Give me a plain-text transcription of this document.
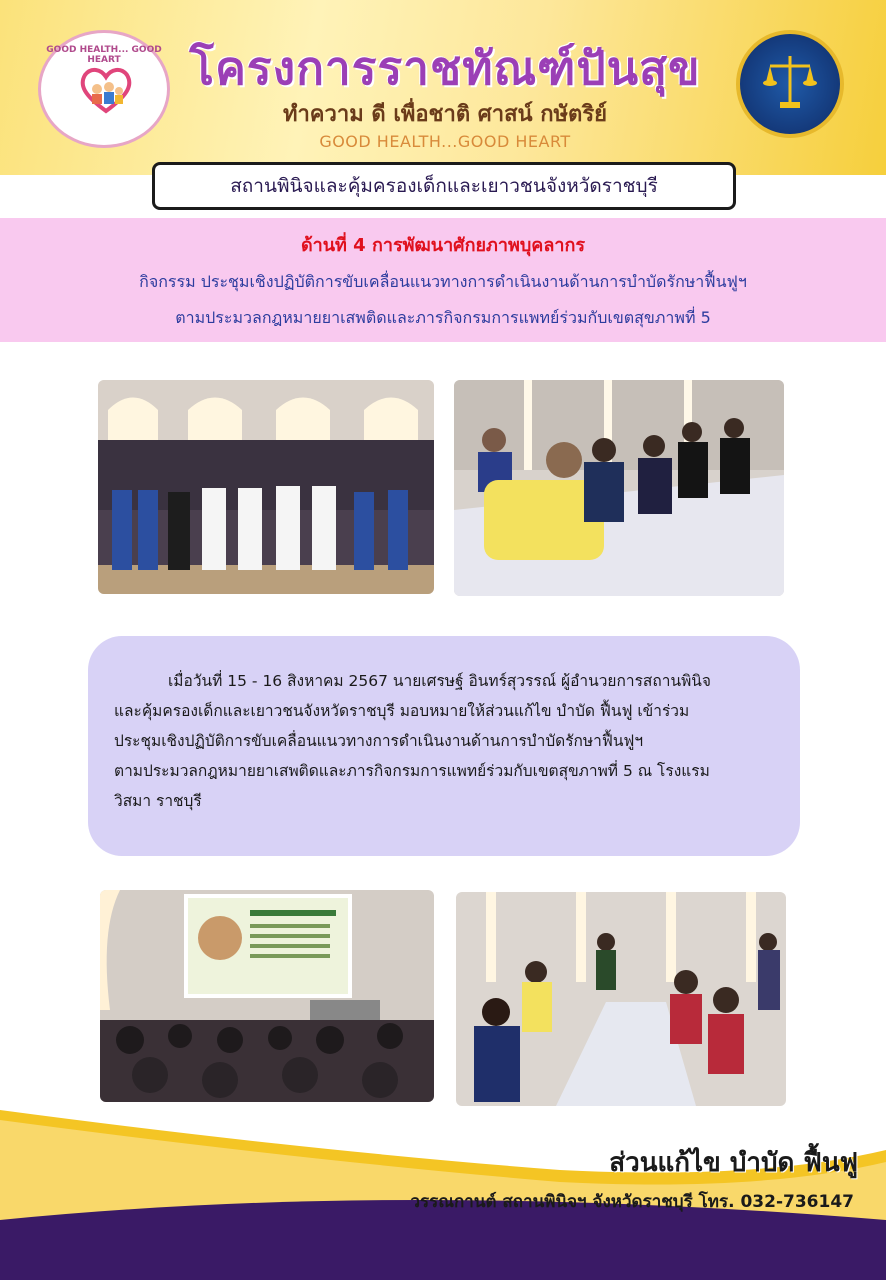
GOOD HEALTH... GOOD HEART	โครงการราชทัณฑ์ปันสุข
ทำความ ดี เพื่อชาติ ศาสน์ กษัตริย์
GOOD HEALTH...GOOD HEART
สถานพินิจและคุ้มครองเด็กและเยาวชนจังหวัดราชบุรี
ด้านที่ 4 การพัฒนาศักยภาพบุคลากร
กิจกรรม ประชุมเชิงปฏิบัติการขับเคลื่อนแนวทางการดำเนินงานด้านการบำบัดรักษาฟื้นฟูฯ
ตามประมวลกฎหมายยาเสพติดและภารกิจกรมการแพทย์ร่วมกับเขตสุขภาพที่ 5
เมื่อวันที่ 15 - 16 สิงหาคม 2567 นายเศรษฐ์ อินทร์สุวรรณ์ ผู้อำนวยการสถานพินิจ
และคุ้มครองเด็กและเยาวชนจังหวัดราชบุรี มอบหมายให้ส่วนแก้ไข บำบัด ฟื้นฟู เข้าร่วม
ประชุมเชิงปฏิบัติการขับเคลื่อนแนวทางการดำเนินงานด้านการบำบัดรักษาฟื้นฟูฯ
ตามประมวลกฎหมายยาเสพติดและภารกิจกรมการแพทย์ร่วมกับเขตสุขภาพที่ 5 ณ โรงแรม
วิสมา ราชบุรี
ส่วนแก้ไข บำบัด ฟื้นฟู
วรรณกานต์ สถานพินิจฯ จังหวัดราชบุรี โทร. 032-736147
